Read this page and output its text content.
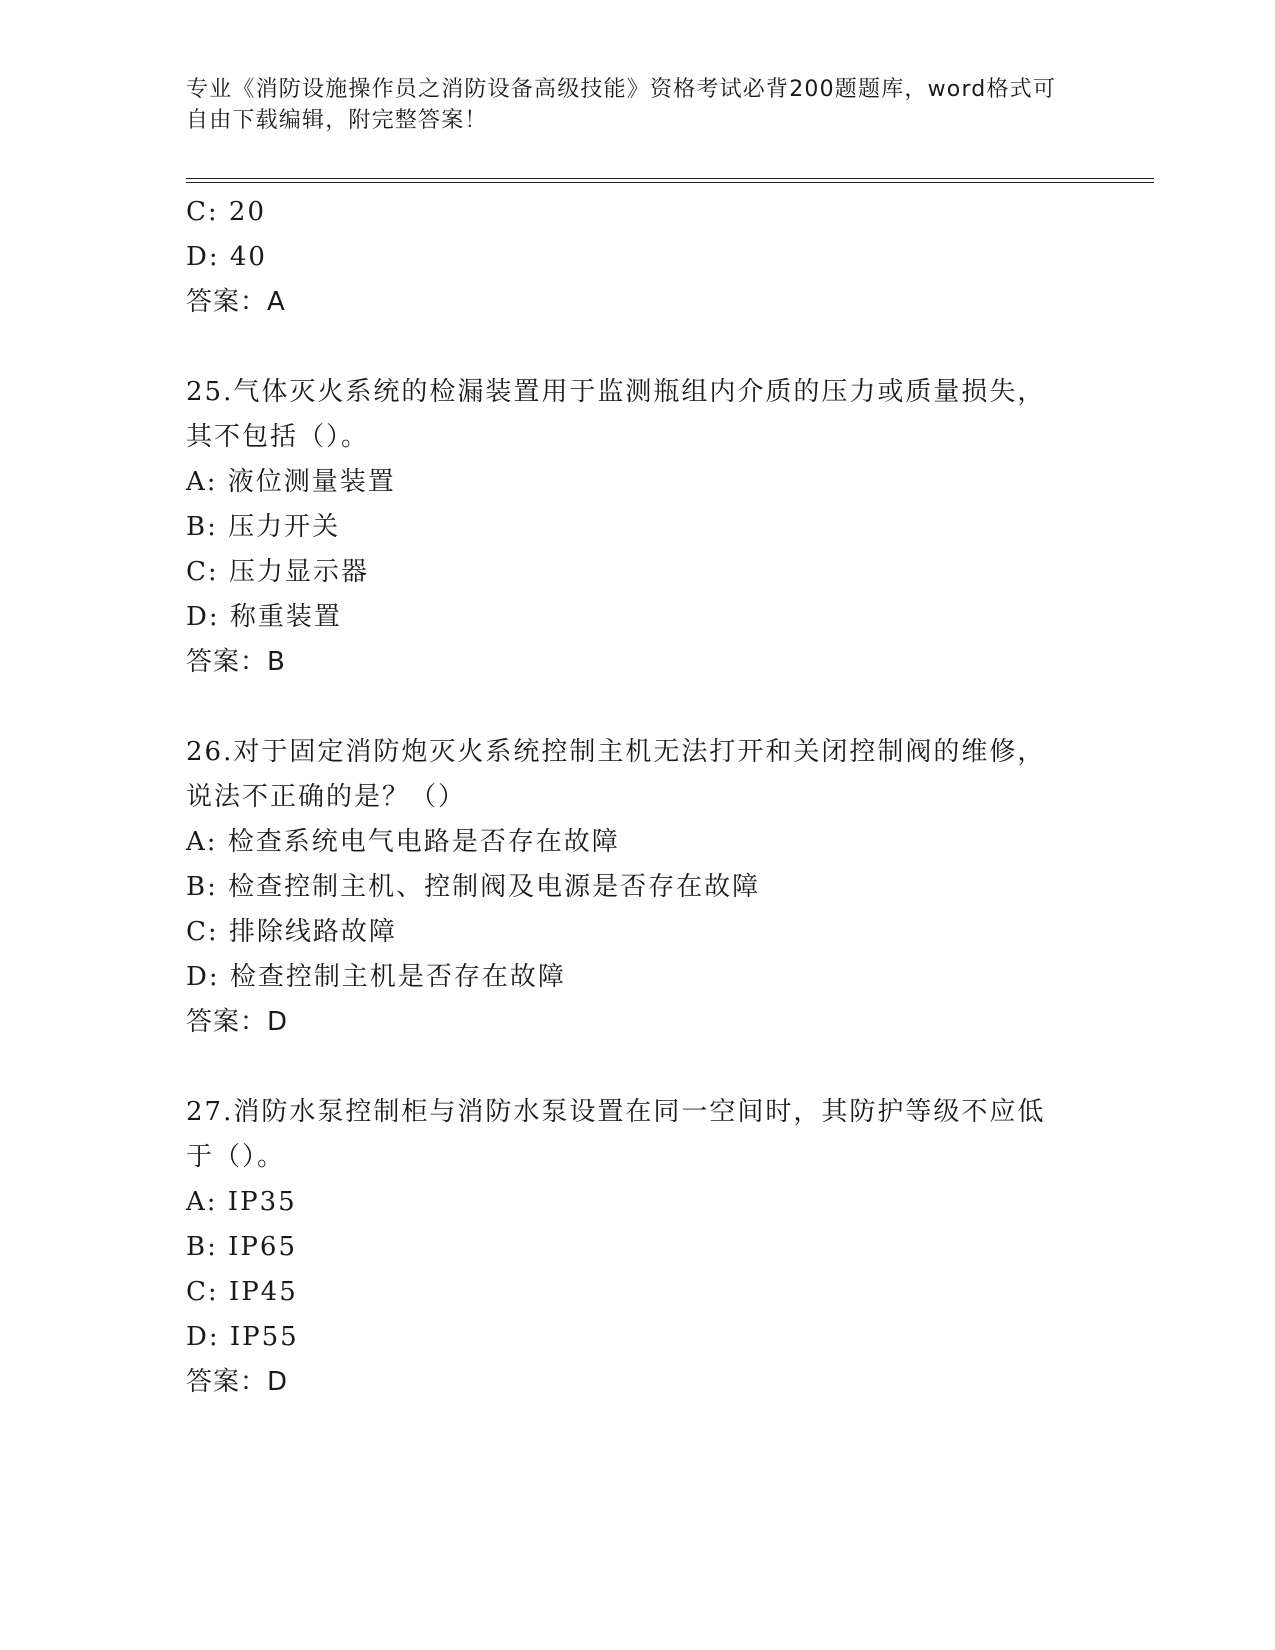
专业《消防设施操作员之消防设备高级技能》资格考试必背200题题库，word格式可自由下载编辑，附完整答案！

C: 20

D: 40

答案：A

25.气体灭火系统的检漏装置用于监测瓶组内介质的压力或质量损失，

其不包括（）。

A: 液位测量装置

B: 压力开关

C: 压力显示器

D: 称重装置

答案：B

26.对于固定消防炮灭火系统控制主机无法打开和关闭控制阀的维修，

说法不正确的是？（）

A: 检查系统电气电路是否存在故障

B: 检查控制主机、控制阀及电源是否存在故障

C: 排除线路故障

D: 检查控制主机是否存在故障

答案：D

27.消防水泵控制柜与消防水泵设置在同一空间时，其防护等级不应低

于（）。

A: IP35

B: IP65

C: IP45

D: IP55

答案：D
